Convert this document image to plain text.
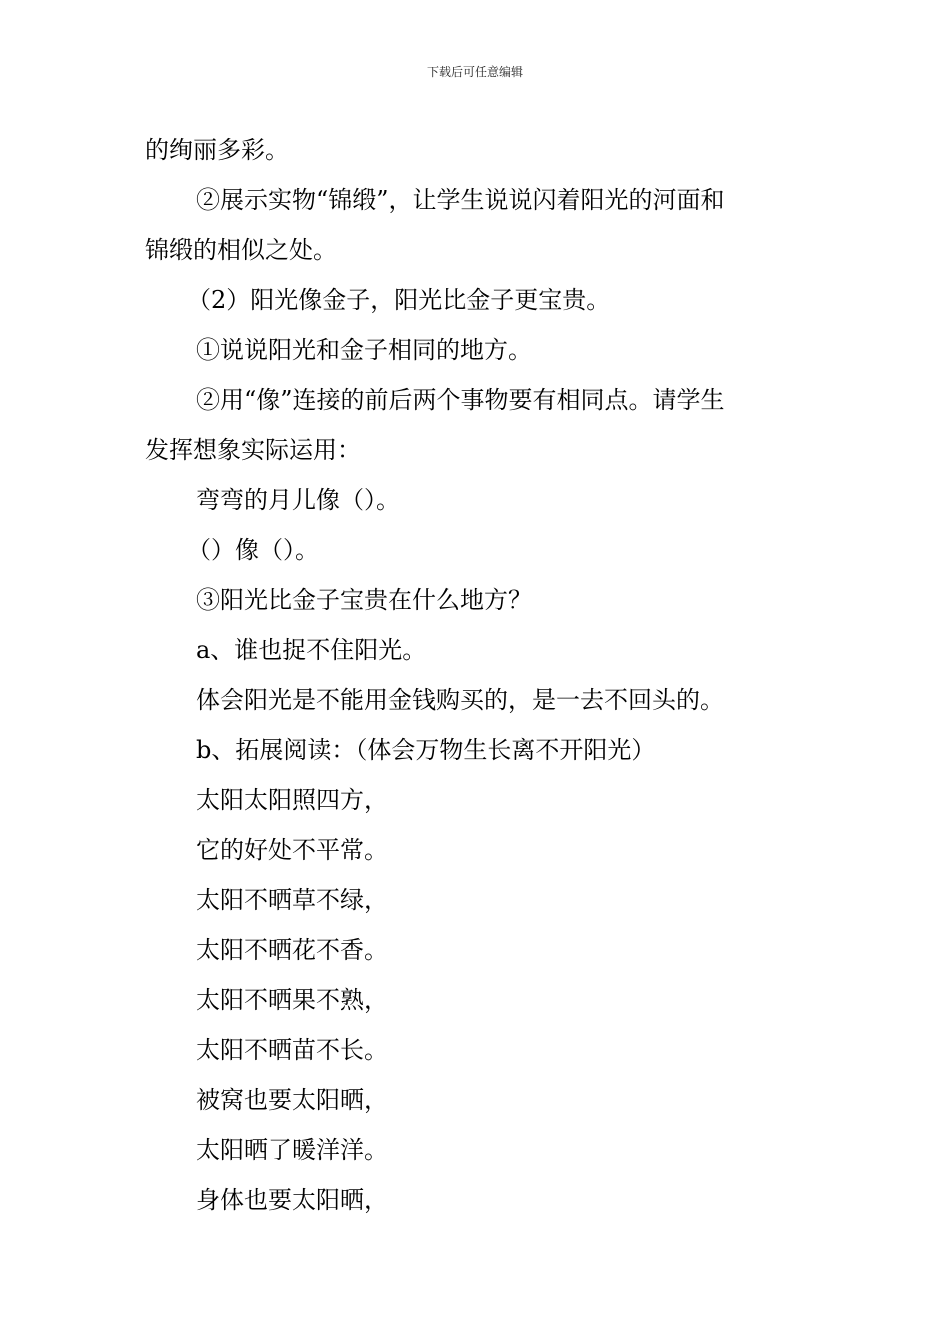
下载后可任意编辑
的绚丽多彩。
②展示实物“锦缎”，让学生说说闪着阳光的河面和
锦缎的相似之处。
（2）阳光像金子，阳光比金子更宝贵。
①说说阳光和金子相同的地方。
②用“像”连接的前后两个事物要有相同点。请学生
发挥想象实际运用：
弯弯的月儿像（）。
（）像（）。
③阳光比金子宝贵在什么地方？
a、谁也捉不住阳光。
体会阳光是不能用金钱购买的，是一去不回头的。
b、拓展阅读：（体会万物生长离不开阳光）
太阳太阳照四方，
它的好处不平常。
太阳不晒草不绿，
太阳不晒花不香。
太阳不晒果不熟，
太阳不晒苗不长。
被窝也要太阳晒，
太阳晒了暖洋洋。
身体也要太阳晒，
